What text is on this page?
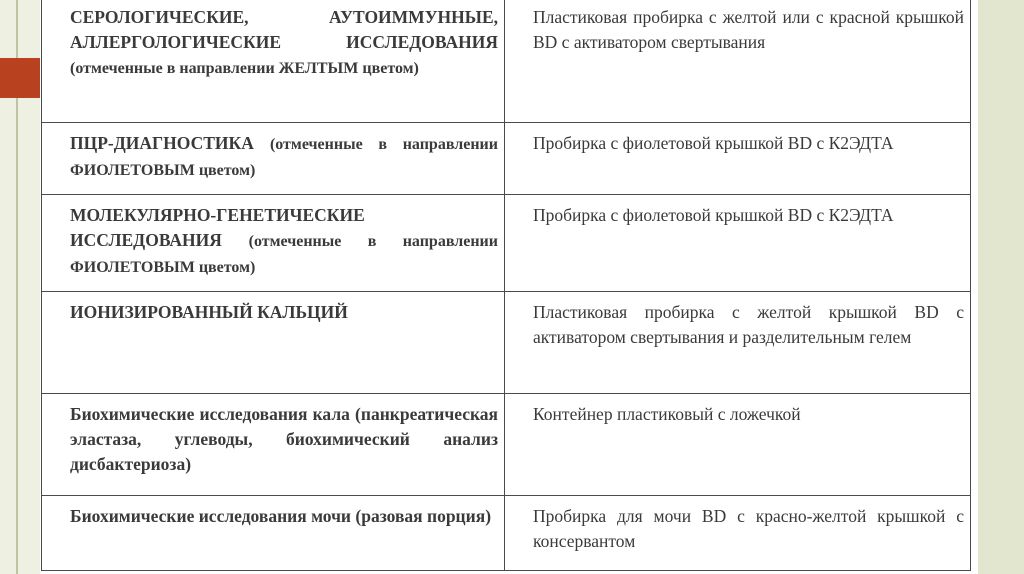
СЕРОЛОГИЧЕСКИЕ, АУТОИММУННЫЕ, АЛЛЕРГОЛОГИЧЕСКИЕ ИССЛЕДОВАНИЯ (отмеченные в направлении ЖЕЛТЫМ цветом)	Пластиковая пробирка с желтой или с красной крышкой BD с активатором свертывания
ПЦР-ДИАГНОСТИКА (отмеченные в направлении ФИОЛЕТОВЫМ цветом)	Пробирка с фиолетовой крышкой BD с К2ЭДТА
МОЛЕКУЛЯРНО-ГЕНЕТИЧЕСКИЕ ИССЛЕДОВАНИЯ (отмеченные в направлении ФИОЛЕТОВЫМ цветом)	Пробирка с фиолетовой крышкой BD с К2ЭДТА
ИОНИЗИРОВАННЫЙ КАЛЬЦИЙ	Пластиковая пробирка с желтой крышкой BD с активатором свертывания и разделительным гелем
Биохимические исследования кала (панкреатическая эластаза, углеводы, биохимический анализ дисбактериоза)	Контейнер пластиковый с ложечкой
Биохимические исследования мочи (разовая порция)	Пробирка для мочи BD с красно-желтой крышкой с консервантом
